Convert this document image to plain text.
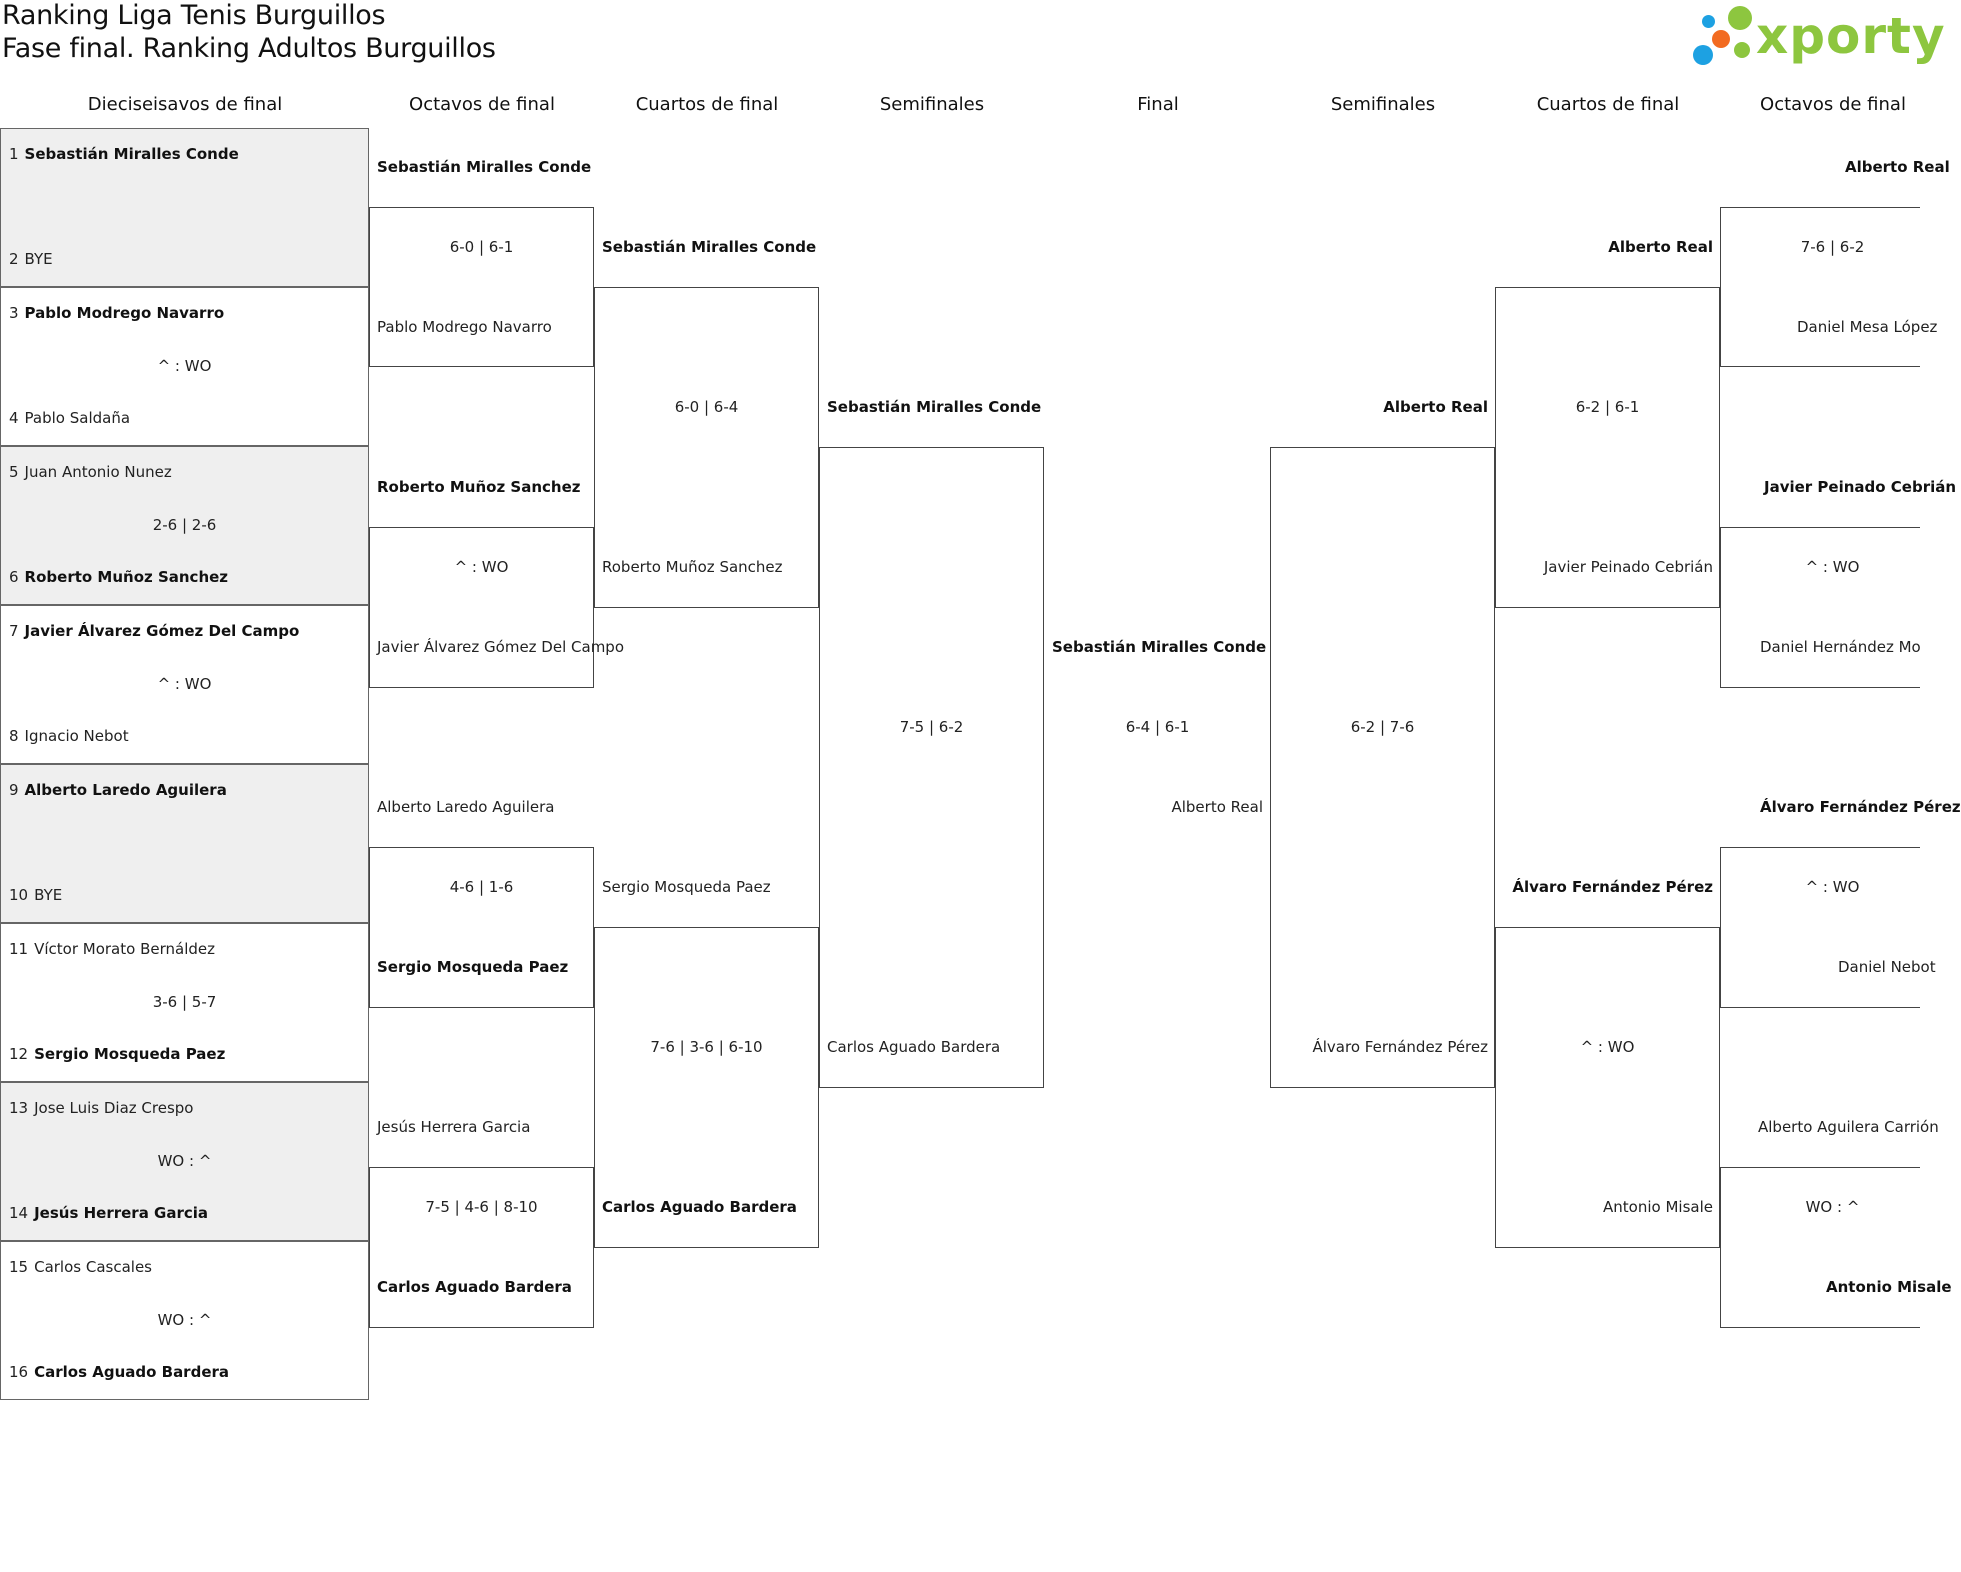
Ranking Liga Tenis Burguillos
Fase final. Ranking Adultos Burguillos	xporty
Dieciseisavos de final	Octavos de final	Cuartos de final	Semifinales	Final	Semifinales	Cuartos de final	Octavos de final
1 Sebastián Miralles Conde
2 BYE
3 Pablo Modrego Navarro
^ : WO
4 Pablo Saldaña
5 Juan Antonio Nunez
2-6 | 2-6
6 Roberto Muñoz Sanchez
7 Javier Álvarez Gómez Del Campo
^ : WO
8 Ignacio Nebot
9 Alberto Laredo Aguilera
10 BYE
11 Víctor Morato Bernáldez
3-6 | 5-7
12 Sergio Mosqueda Paez
13 Jose Luis Diaz Crespo
WO : ^
14 Jesús Herrera Garcia
15 Carlos Cascales
WO : ^
16 Carlos Aguado Bardera
Sebastián Miralles Conde
6-0 | 6-1
Pablo Modrego Navarro
Roberto Muñoz Sanchez
^ : WO
Javier Álvarez Gómez Del Campo
Alberto Laredo Aguilera
4-6 | 1-6
Sergio Mosqueda Paez
Jesús Herrera Garcia
7-5 | 4-6 | 8-10
Carlos Aguado Bardera
Sebastián Miralles Conde
6-0 | 6-4
Roberto Muñoz Sanchez
Sergio Mosqueda Paez
7-6 | 3-6 | 6-10
Carlos Aguado Bardera
Sebastián Miralles Conde
7-5 | 6-2
Carlos Aguado Bardera
Sebastián Miralles Conde
6-4 | 6-1
Alberto Real
Alberto Real
6-2 | 7-6
Álvaro Fernández Pérez
Alberto Real
6-2 | 6-1
Javier Peinado Cebrián
Álvaro Fernández Pérez
^ : WO
Antonio Misale
Alberto Real
7-6 | 6-2
Daniel Mesa López
Javier Peinado Cebrián
^ : WO
Daniel Hernández Mo
Álvaro Fernández Pérez
^ : WO
Daniel Nebot
Alberto Aguilera Carrión
WO : ^
Antonio Misale
